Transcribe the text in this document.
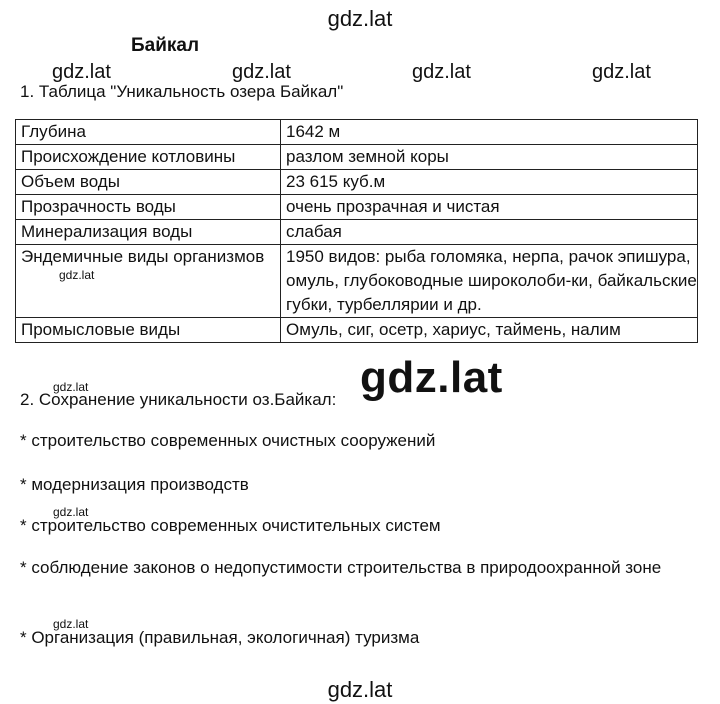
gdz.lat
Байкал
gdz.lat	gdz.lat	gdz.lat	gdz.lat
1. Таблица "Уникальность озера Байкал"
Глубина	1642 м
Происхождение котловины	разлом земной коры
Объем воды	23 615 куб.м
Прозрачность воды	очень прозрачная и чистая
Минерализация воды	слабая
Эндемичные виды организмов	1950 видов: рыба голомяка, нерпа, рачок эпишура, омуль, глубоководные широколоби-ки, байкальские губки, турбеллярии и др.
Промысловые виды	Омуль, сиг, осетр, хариус, таймень, налим
gdz.lat
gdz.lat
2. Сохранение уникальности оз.Байкал: gdz.lat
* строительство современных очистных сооружений
* модернизация производств
gdz.lat
* строительство современных очистительных систем
* соблюдение законов о недопустимости строительства в природоохранной зоне
gdz.lat
* Организация (правильная, экологичная) туризма
gdz.lat
